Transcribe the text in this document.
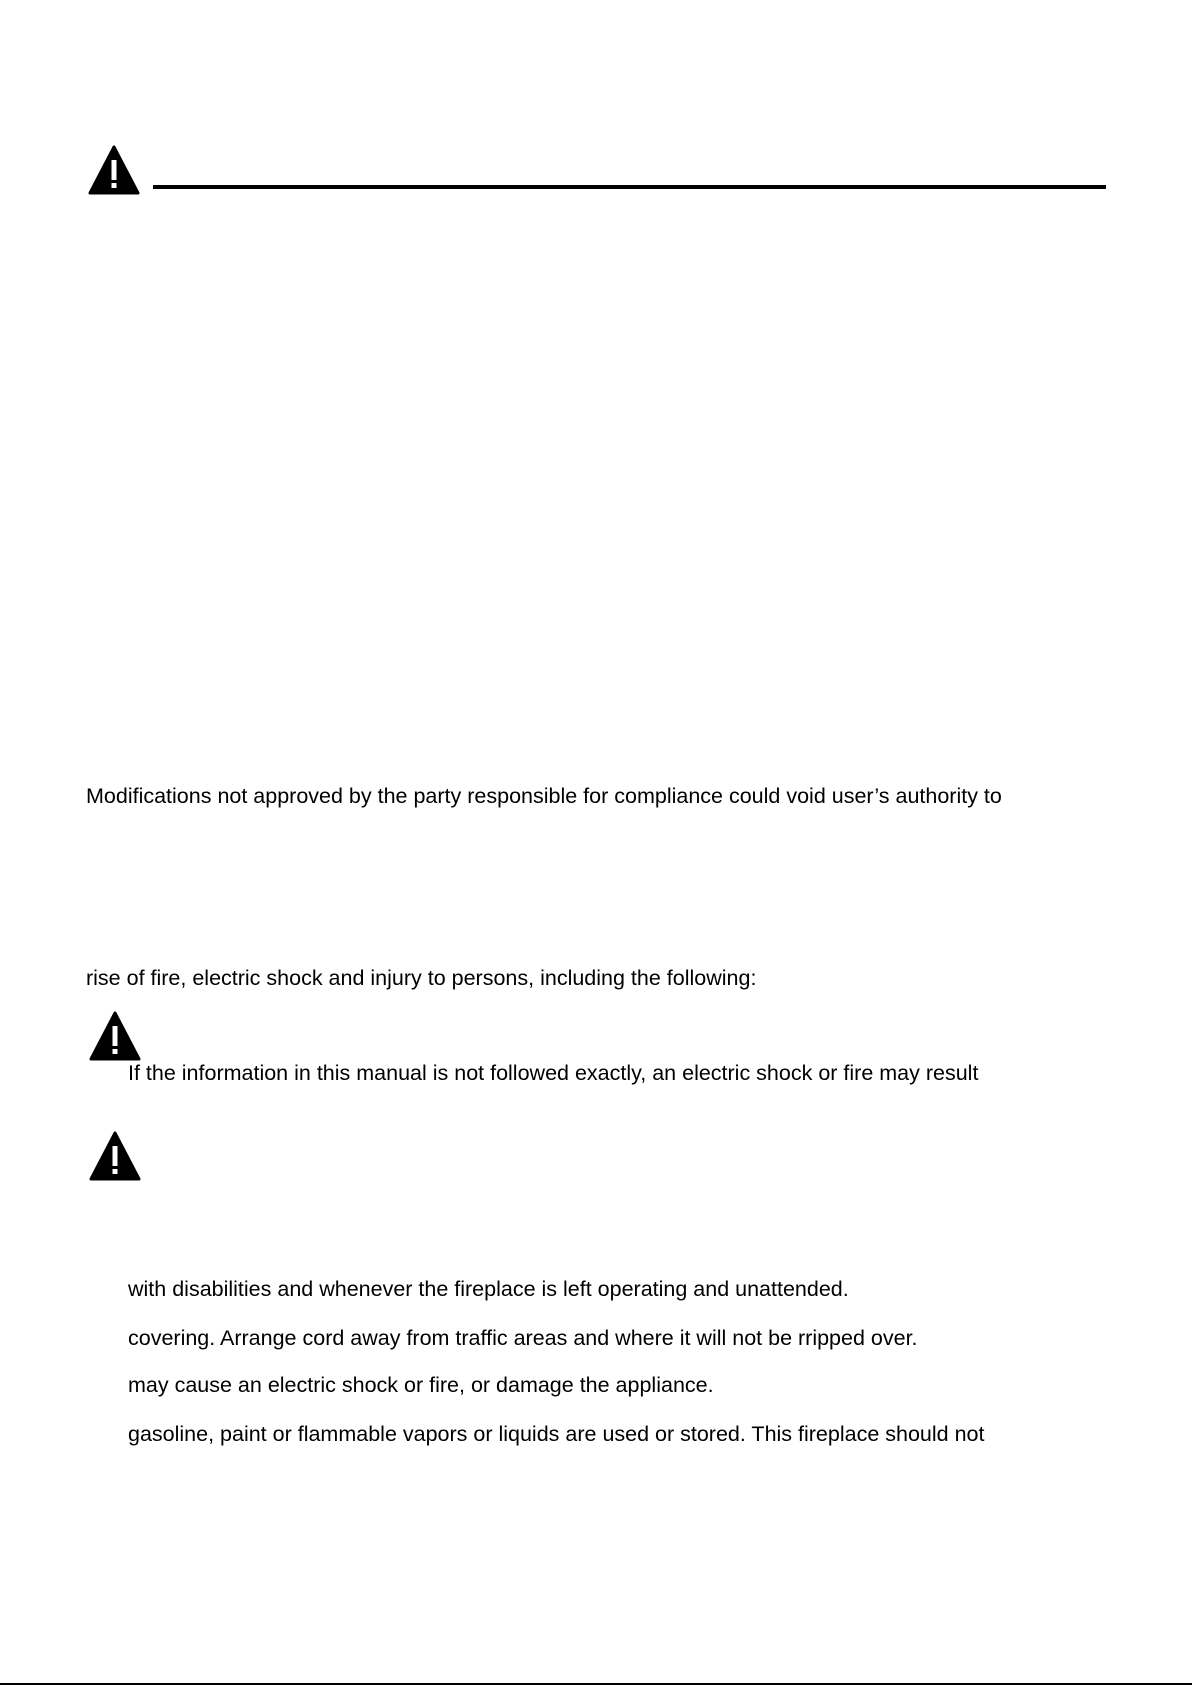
Modifications not approved by the party responsible for compliance could void user’s authority to
rise of fire, electric shock and injury to persons, including the following:
If the information in this manual is not followed exactly, an electric shock or fire may result
with disabilities and whenever the fireplace is left operating and unattended.
covering. Arrange cord away from traffic areas and where it will not be rripped over.
may cause an electric shock or fire, or damage the appliance.
gasoline, paint or flammable vapors or liquids are used or stored. This fireplace should not
